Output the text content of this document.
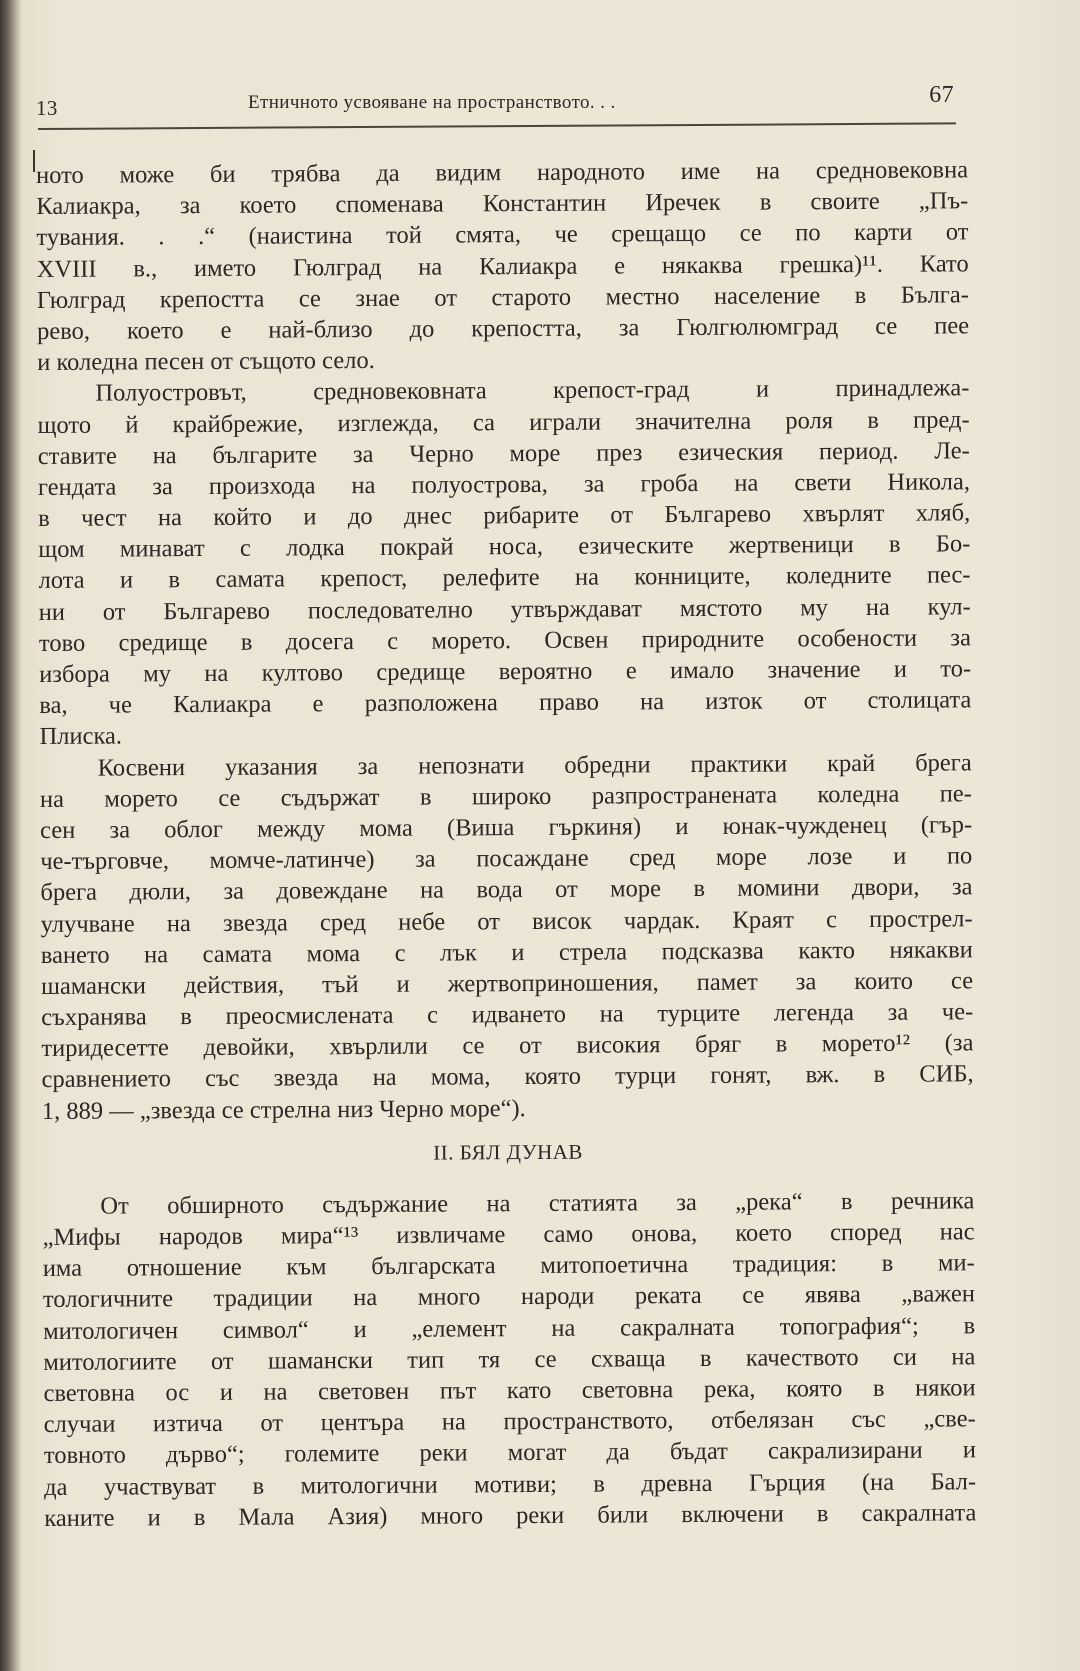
13	Етничното усвояване на пространството. . .	67
ното може би трябва да видим народното име на средновековна
Калиакра, за което споменава Константин Иречек в своите „Пъ-
тувания. . .“ (наистина той смята, че срещащо се по карти от
XVIII в., името Гюлград на Калиакра е някаква грешка)¹¹. Като
Гюлград крепостта се знае от старото местно население в Бълга-
рево, което е най-близо до крепостта, за Гюлгюлюмград се пее
и коледна песен от същото село.
Полуостровът, средновековната крепост-град и принадлежа-
щото й крайбрежие, изглежда, са играли значителна роля в пред-
ставите на българите за Черно море през езическия период. Ле-
гендата за произхода на полуострова, за гроба на свети Никола,
в чест на който и до днес рибарите от Българево хвърлят хляб,
щом минават с лодка покрай носа, езическите жертвеници в Бо-
лота и в самата крепост, релефите на конниците, коледните пес-
ни от Българево последователно утвърждават мястото му на кул-
тово средище в досега с морето. Освен природните особености за
избора му на култово средище вероятно е имало значение и то-
ва, че Калиакра е разположена право на изток от столицата
Плиска.
Косвени указания за непознати обредни практики край брега
на морето се съдържат в широко разпространената коледна пе-
сен за облог между мома (Виша гъркиня) и юнак-чужденец (гър-
че-търговче, момче-латинче) за посаждане сред море лозе и по
брега дюли, за довеждане на вода от море в момини двори, за
улучване на звезда сред небе от висок чардак. Краят с прострел-
ването на самата мома с лък и стрела подсказва както някакви
шамански действия, тъй и жертвоприношения, памет за които се
съхранява в преосмислената с идването на турците легенда за че-
тиридесетте девойки, хвърлили се от високия бряг в морето¹² (за
сравнението със звезда на мома, която турци гонят, вж. в СИБ,
1, 889 — „звезда се стрелна низ Черно море“).
II. БЯЛ ДУНАВ
От обширното съдържание на статията за „река“ в речника
„Мифы народов мира“¹³ извличаме само онова, което според нас
има отношение към българската митопоетична традиция: в ми-
тологичните традиции на много народи реката се явява „важен
митологичен символ“ и „елемент на сакралната топография“; в
митологиите от шамански тип тя се схваща в качеството си на
световна ос и на световен път като световна река, която в някои
случаи изтича от центъра на пространството, отбелязан със „све-
товното дърво“; големите реки могат да бъдат сакрализирани и
да участвуват в митологични мотиви; в древна Гърция (на Бал-
каните и в Мала Азия) много реки били включени в сакралната
